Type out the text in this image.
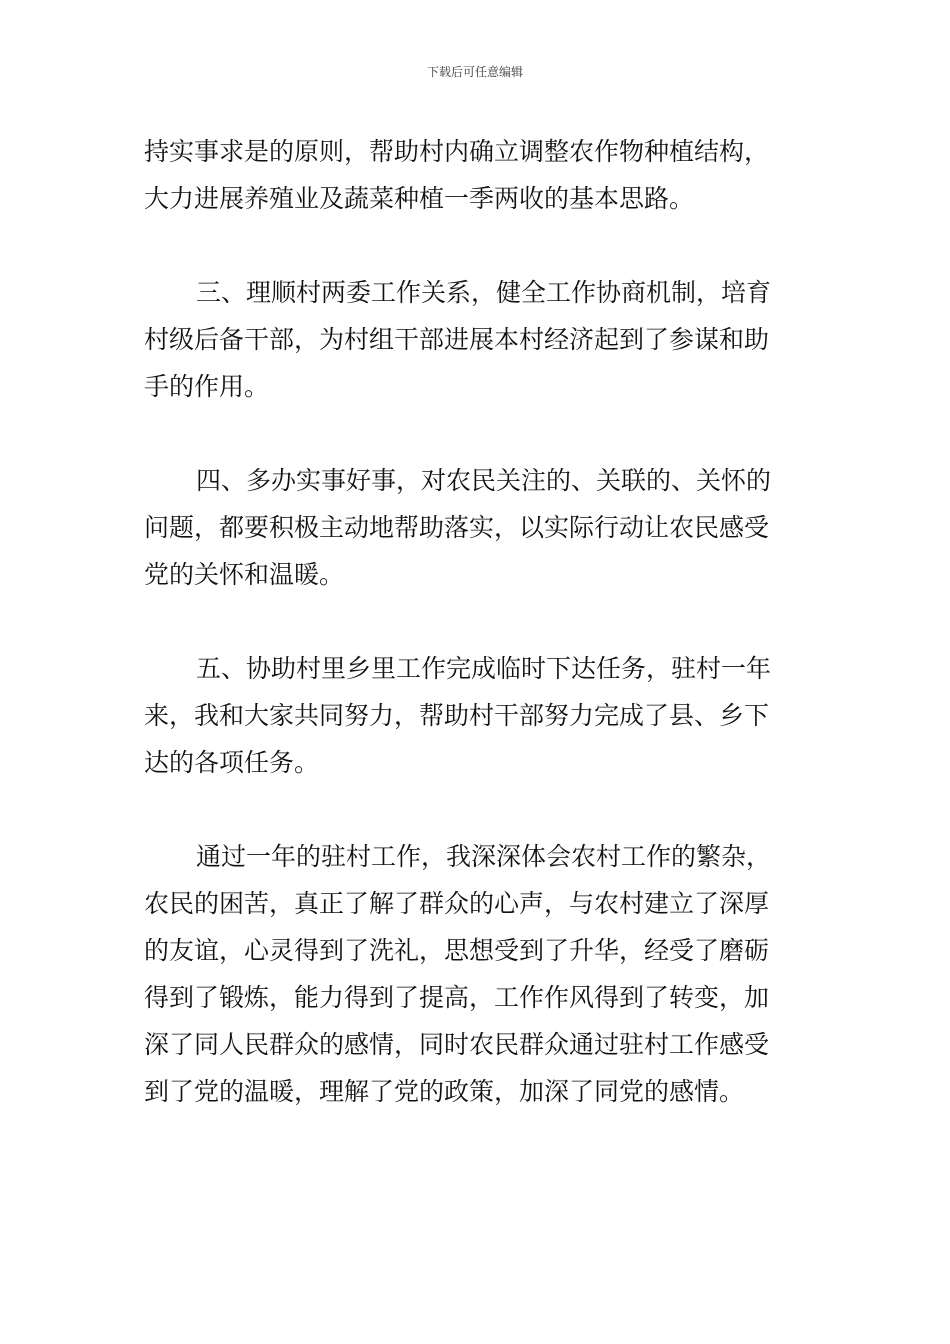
下载后可任意编辑

持实事求是的原则，帮助村内确立调整农作物种植结构，
大力进展养殖业及蔬菜种植一季两收的基本思路。

三、理顺村两委工作关系，健全工作协商机制，培育
村级后备干部，为村组干部进展本村经济起到了参谋和助
手的作用。

四、多办实事好事，对农民关注的、关联的、关怀的
问题，都要积极主动地帮助落实，以实际行动让农民感受
党的关怀和温暖。

五、协助村里乡里工作完成临时下达任务，驻村一年
来，我和大家共同努力，帮助村干部努力完成了县、乡下
达的各项任务。

通过一年的驻村工作，我深深体会农村工作的繁杂，
农民的困苦，真正了解了群众的心声，与农村建立了深厚
的友谊，心灵得到了洗礼，思想受到了升华，经受了磨砺
得到了锻炼，能力得到了提高，工作作风得到了转变，加
深了同人民群众的感情，同时农民群众通过驻村工作感受
到了党的温暖，理解了党的政策，加深了同党的感情。
